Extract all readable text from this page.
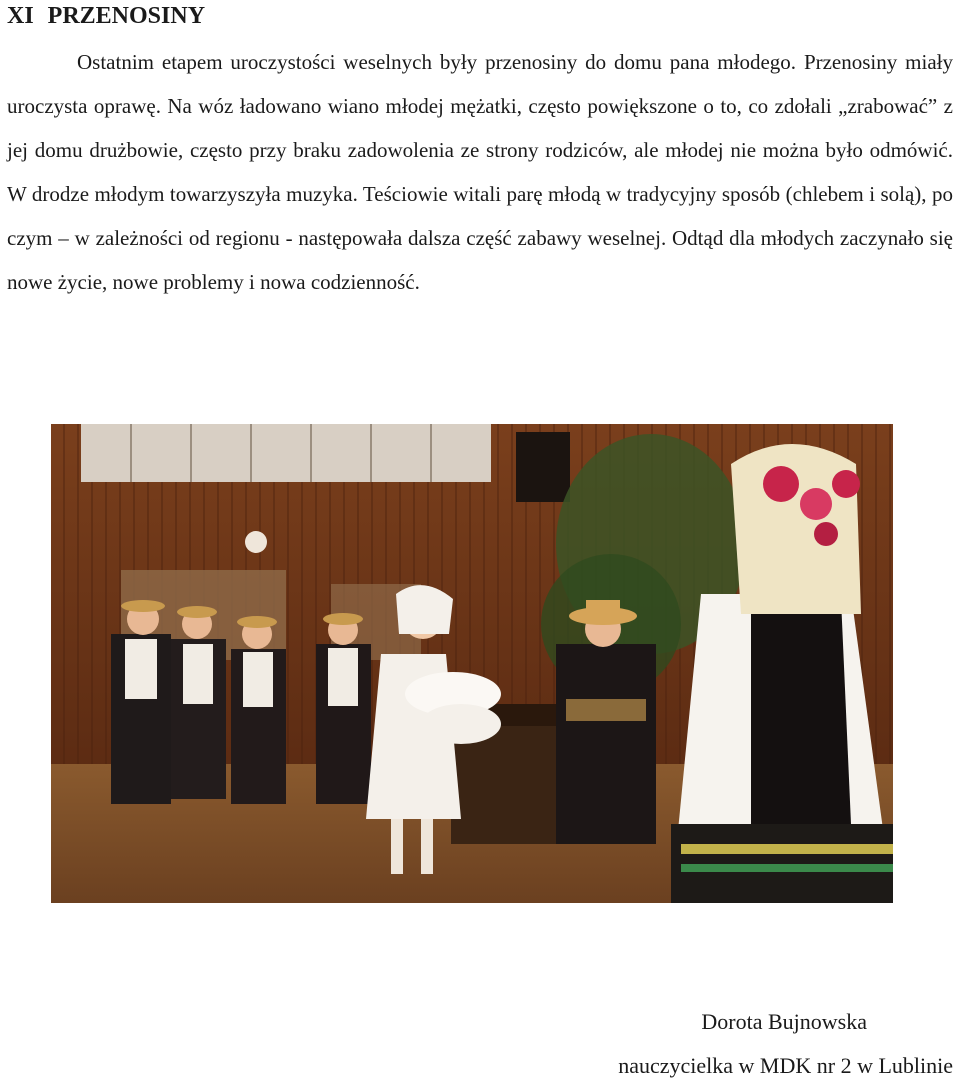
XI PRZENOSINY

Ostatnim etapem uroczystości weselnych były przenosiny do domu pana młodego. Przenosiny miały uroczysta oprawę. Na wóz ładowano wiano młodej mężatki, często powiększone o to, co zdołali „zrabować” z jej domu drużbowie, często przy braku zadowolenia ze strony rodziców, ale młodej nie można było odmówić. W drodze młodym towarzyszyła muzyka. Teściowie witali parę młodą w tradycyjny sposób (chlebem i solą), po czym – w zależności od regionu - następowała dalsza część zabawy weselnej. Odtąd dla młodych zaczynało się nowe życie, nowe problemy i nowa codzienność.

Dorota Bujnowska
nauczycielka w MDK nr 2 w Lublinie
